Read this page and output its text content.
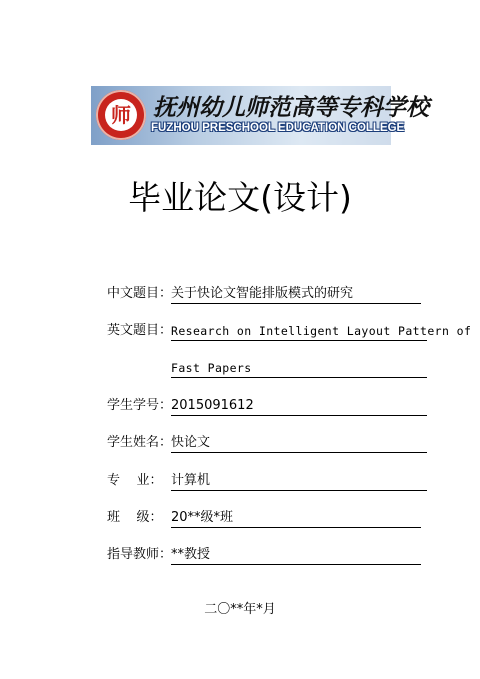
师 抚州幼儿师范高等专科学校
FUZHOU PRESCHOOL EDUCATION COLLEGE
毕业论文(设计)
中文题目：
关于快论文智能排版模式的研究
英文题目：
Research on Intelligent Layout Pattern of
Fast Papers
学生学号：
2015091612
学生姓名：
快论文
专    业： 计算机
班    级： 20**级*班
指导教师：
**教授
二〇**年*月
